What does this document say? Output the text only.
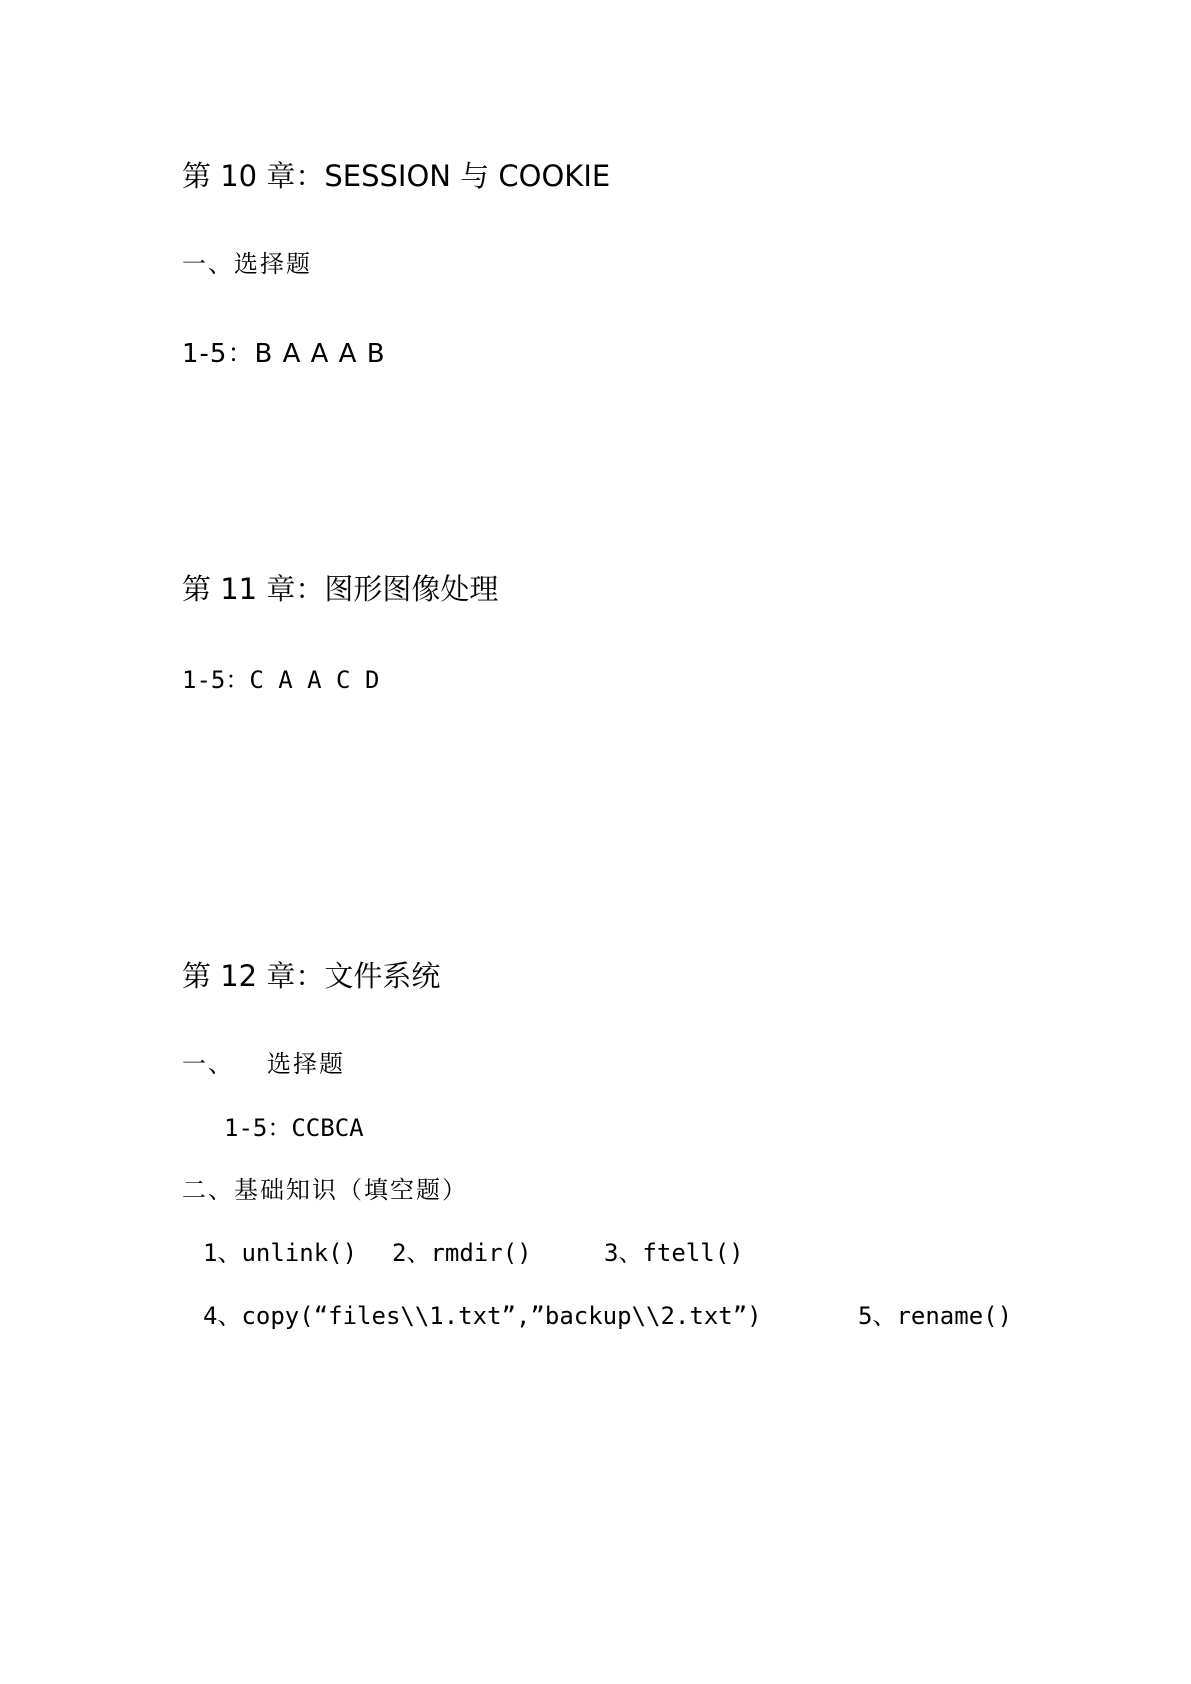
第 10 章：SESSION 与 COOKIE
一、选择题
1-5：B A A A B
第 11 章：图形图像处理
1-5：C A A C D
第 12 章：文件系统
一、 选择题
1-5：CCBCA
二、基础知识（填空题）
1、unlink() 2、rmdir()	3、ftell()
4、copy(“files\\1.txt”,”backup\\2.txt”)	5、rename()
